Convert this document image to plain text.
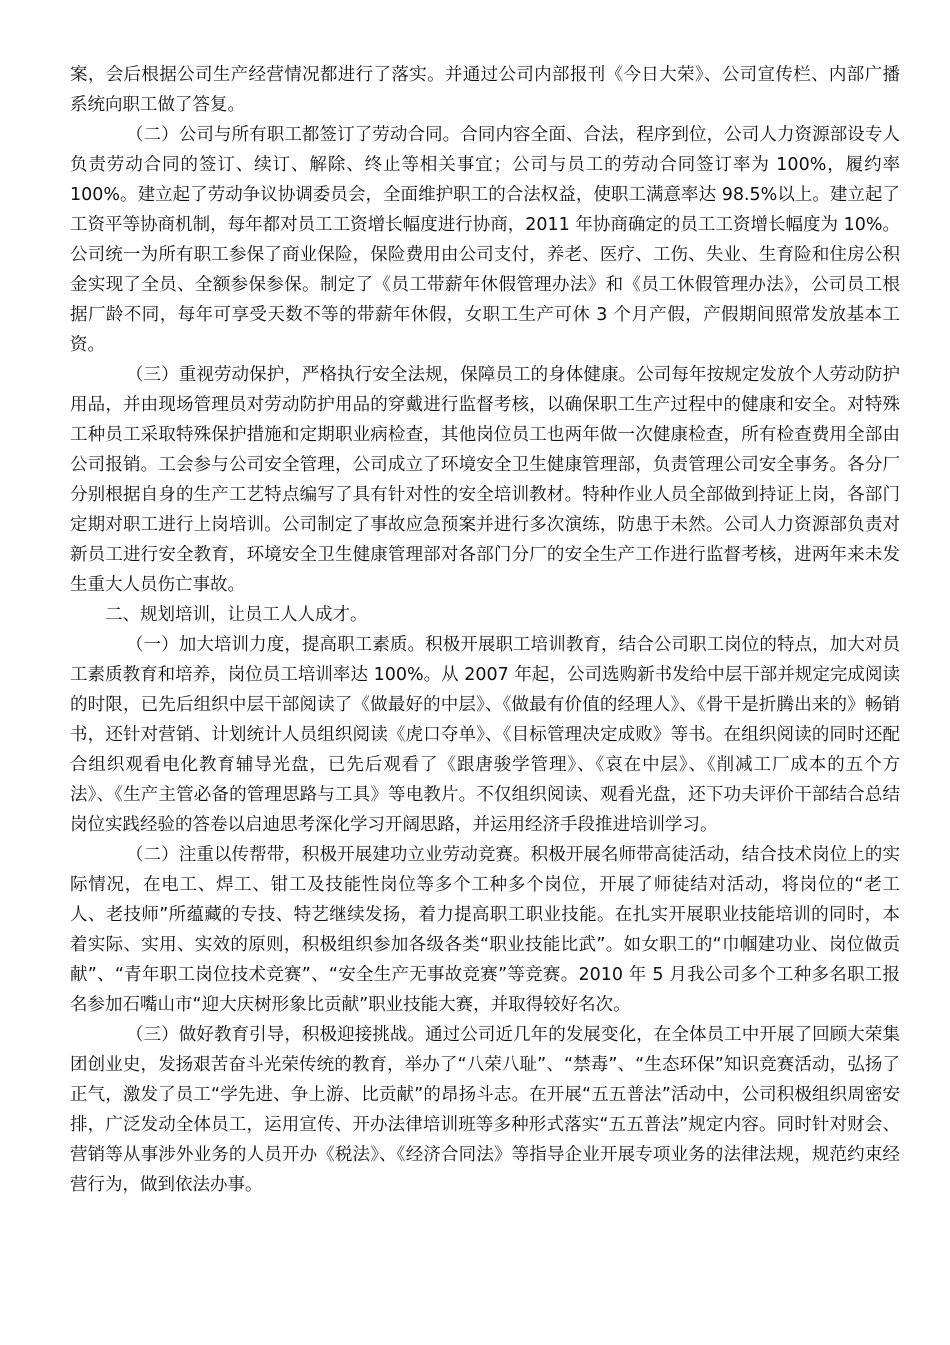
案，会后根据公司生产经营情况都进行了落实。并通过公司内部报刊《今日大荣》、公司宣传栏、内部广播系统向职工做了答复。

（二）公司与所有职工都签订了劳动合同。合同内容全面、合法，程序到位，公司人力资源部设专人负责劳动合同的签订、续订、解除、终止等相关事宜；公司与员工的劳动合同签订率为 100%，履约率 100%。建立起了劳动争议协调委员会，全面维护职工的合法权益，使职工满意率达 98.5%以上。建立起了工资平等协商机制，每年都对员工工资增长幅度进行协商，2011 年协商确定的员工工资增长幅度为 10%。公司统一为所有职工参保了商业保险，保险费用由公司支付，养老、医疗、工伤、失业、生育险和住房公积金实现了全员、全额参保参保。制定了《员工带薪年休假管理办法》和《员工休假管理办法》，公司员工根据厂龄不同，每年可享受天数不等的带薪年休假，女职工生产可休 3 个月产假，产假期间照常发放基本工资。

（三）重视劳动保护，严格执行安全法规，保障员工的身体健康。公司每年按规定发放个人劳动防护用品，并由现场管理员对劳动防护用品的穿戴进行监督考核，以确保职工生产过程中的健康和安全。对特殊工种员工采取特殊保护措施和定期职业病检查，其他岗位员工也两年做一次健康检查，所有检查费用全部由公司报销。工会参与公司安全管理，公司成立了环境安全卫生健康管理部，负责管理公司安全事务。各分厂分别根据自身的生产工艺特点编写了具有针对性的安全培训教材。特种作业人员全部做到持证上岗，各部门定期对职工进行上岗培训。公司制定了事故应急预案并进行多次演练，防患于未然。公司人力资源部负责对新员工进行安全教育，环境安全卫生健康管理部对各部门分厂的安全生产工作进行监督考核，进两年来未发生重大人员伤亡事故。

二、规划培训，让员工人人成才。

（一）加大培训力度，提高职工素质。积极开展职工培训教育，结合公司职工岗位的特点，加大对员工素质教育和培养，岗位员工培训率达 100%。从 2007 年起，公司选购新书发给中层干部并规定完成阅读的时限，已先后组织中层干部阅读了《做最好的中层》、《做最有价值的经理人》、《骨干是折腾出来的》畅销书，还针对营销、计划统计人员组织阅读《虎口夺单》、《目标管理决定成败》等书。在组织阅读的同时还配合组织观看电化教育辅导光盘，已先后观看了《跟唐骏学管理》、《哀在中层》、《削减工厂成本的五个方法》、《生产主管必备的管理思路与工具》等电教片。不仅组织阅读、观看光盘，还下功夫评价干部结合总结岗位实践经验的答卷以启迪思考深化学习开阔思路，并运用经济手段推进培训学习。

（二）注重以传帮带，积极开展建功立业劳动竞赛。积极开展名师带高徒活动，结合技术岗位上的实际情况，在电工、焊工、钳工及技能性岗位等多个工种多个岗位，开展了师徒结对活动，将岗位的“老工人、老技师”所蕴藏的专技、特艺继续发扬，着力提高职工职业技能。在扎实开展职业技能培训的同时，本着实际、实用、实效的原则，积极组织参加各级各类“职业技能比武”。如女职工的“巾帼建功业、岗位做贡献”、“青年职工岗位技术竞赛”、“安全生产无事故竞赛”等竞赛。2010 年 5 月我公司多个工种多名职工报名参加石嘴山市“迎大庆树形象比贡献”职业技能大赛，并取得较好名次。

（三）做好教育引导，积极迎接挑战。通过公司近几年的发展变化，在全体员工中开展了回顾大荣集团创业史，发扬艰苦奋斗光荣传统的教育，举办了“八荣八耻”、“禁毒”、“生态环保”知识竞赛活动，弘扬了正气，激发了员工“学先进、争上游、比贡献”的昂扬斗志。在开展“五五普法”活动中，公司积极组织周密安排，广泛发动全体员工，运用宣传、开办法律培训班等多种形式落实“五五普法”规定内容。同时针对财会、营销等从事涉外业务的人员开办《税法》、《经济合同法》等指导企业开展专项业务的法律法规，规范约束经营行为，做到依法办事。
